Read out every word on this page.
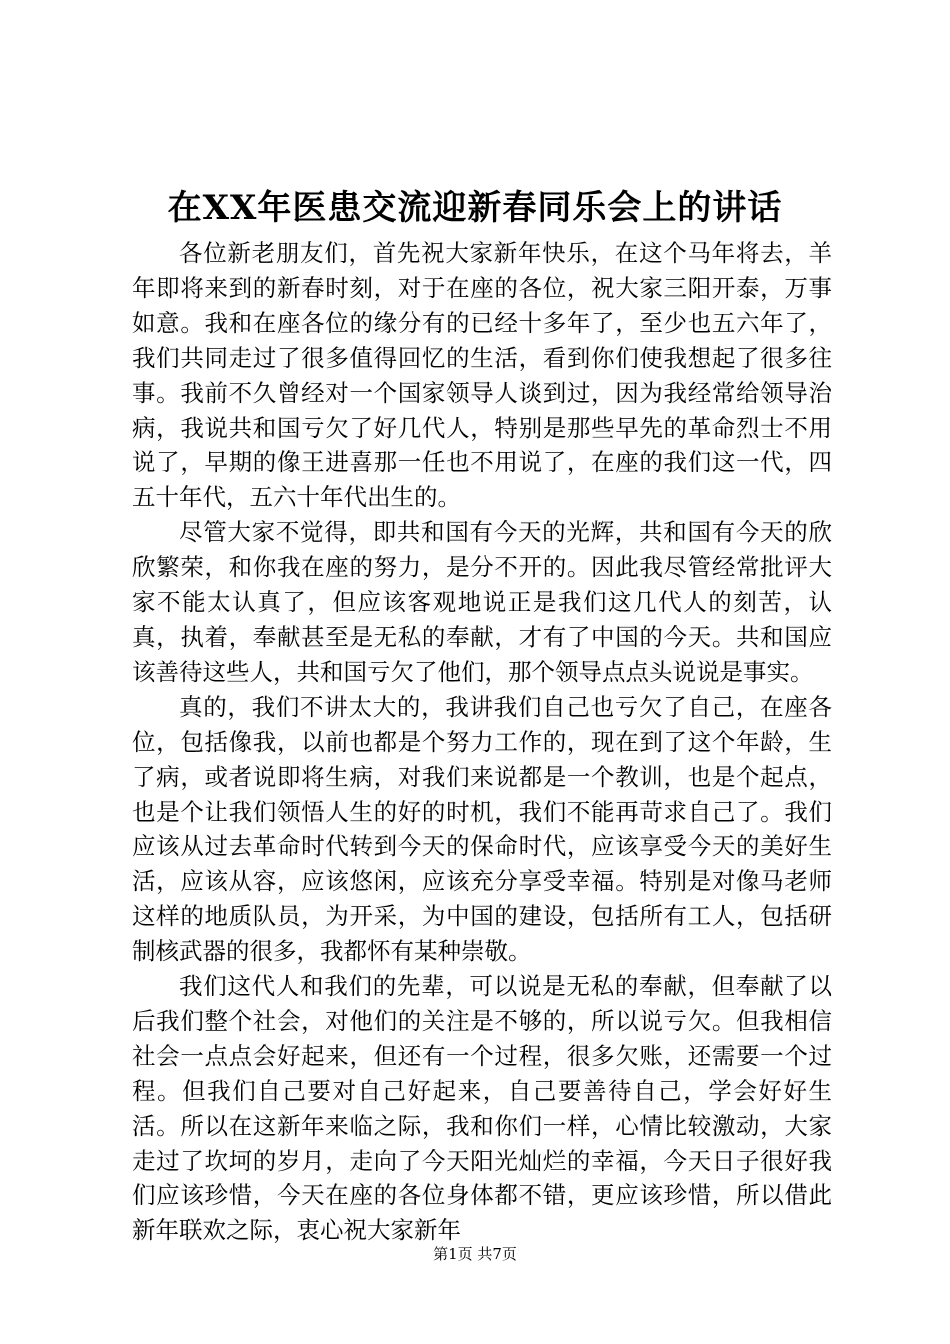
在XX年医患交流迎新春同乐会上的讲话

各位新老朋友们，首先祝大家新年快乐，在这个马年将去，羊年即将来到的新春时刻，对于在座的各位，祝大家三阳开泰，万事如意。我和在座各位的缘分有的已经十多年了，至少也五六年了，我们共同走过了很多值得回忆的生活，看到你们使我想起了很多往事。我前不久曾经对一个国家领导人谈到过，因为我经常给领导治病，我说共和国亏欠了好几代人，特别是那些早先的革命烈士不用说了，早期的像王进喜那一任也不用说了，在座的我们这一代，四五十年代，五六十年代出生的。

尽管大家不觉得，即共和国有今天的光辉，共和国有今天的欣欣繁荣，和你我在座的努力，是分不开的。因此我尽管经常批评大家不能太认真了，但应该客观地说正是我们这几代人的刻苦，认真，执着，奉献甚至是无私的奉献，才有了中国的今天。共和国应该善待这些人，共和国亏欠了他们，那个领导点点头说说是事实。

真的，我们不讲太大的，我讲我们自己也亏欠了自己，在座各位，包括像我，以前也都是个努力工作的，现在到了这个年龄，生了病，或者说即将生病，对我们来说都是一个教训，也是个起点，也是个让我们领悟人生的好的时机，我们不能再苛求自己了。我们应该从过去革命时代转到今天的保命时代，应该享受今天的美好生活，应该从容，应该悠闲，应该充分享受幸福。特别是对像马老师这样的地质队员，为开采，为中国的建设，包括所有工人，包括研制核武器的很多，我都怀有某种崇敬。

我们这代人和我们的先辈，可以说是无私的奉献，但奉献了以后我们整个社会，对他们的关注是不够的，所以说亏欠。但我相信社会一点点会好起来，但还有一个过程，很多欠账，还需要一个过程。但我们自己要对自己好起来，自己要善待自己，学会好好生活。所以在这新年来临之际，我和你们一样，心情比较激动，大家走过了坎坷的岁月，走向了今天阳光灿烂的幸福，今天日子很好我们应该珍惜，今天在座的各位身体都不错，更应该珍惜，所以借此新年联欢之际，衷心祝大家新年

第1页 共7页
